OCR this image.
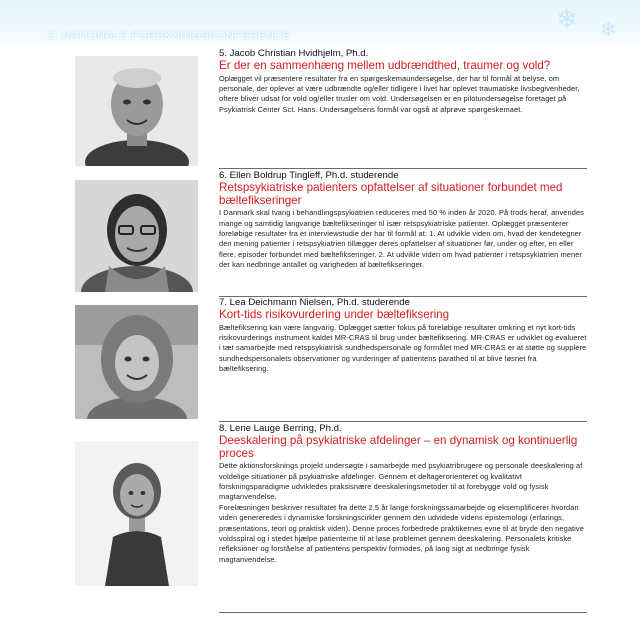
❄ ❄
2. NATIONALE FORSKNINGSKONFERENCE
5. Jacob Christian Hvidhjelm, Ph.d.
Er der en sammenhæng mellem udbrændthed, traumer og vold?
Oplægget vil præsentere resultater fra en spørgeskemaundersøgelse, der har til formål at belyse, om personale, der oplever at være udbrændte og/eller tidligere i livet har oplevet traumatiske livsbegivenheder, oftere bliver udsat for vold og/eller trusler om vold. Undersøgelsen er en pilotundersøgelse foretaget på Psykiatrisk Center Sct. Hans. Undersøgelsens formål var også at afprøve spørgeskemaet.
6. Ellen Boldrup Tingleff, Ph.d. studerende
Retspsykiatriske patienters opfattelser af situationer forbundet med bæltefikseringer
I Danmark skal tvang i behandlingspsykiatrien reduceres med 50 % inden år 2020. På trods heraf, anvendes mange og samtidig langvarige bæltefikseringer til især retspsykiatriske patienter. Oplægget præsenterer foreløbige resultater fra et interviewstudie der har til formål at: 1. At udvikle viden om, hvad der kendetegner den mening patienter i retspsykiatrien tillægger deres opfattelser af situationer før, under og efter, en eller flere, episoder forbundet med bæltefikseringer. 2. At udvikle viden om hvad patienter i retspsykiatrien mener der kan nedbringe antallet og varigheden af bæltefikseringer.
7. Lea Deichmann Nielsen, Ph.d. studerende
Kort-tids risikovurdering under bæltefiksering
Bæltefiksering kan være langvarig. Oplægget sætter fokus på foreløbige resultater omkring et nyt kort-tids risikovurderings instrument kaldet MR-CRAS til brug under bæltefiksering. MR-CRAS er udviklet og evalueret i tæt samarbejde med retspsykiatrisk sundhedspersonale og formålet med MR-CRAS er at støtte og supplere sundhedspersonalets observationer og vurderinger af patientens parathed til at blive løsnet fra bæltefiksering.
8. Lene Lauge Berring, Ph.d.
Deeskalering på psykiatriske afdelinger – en dynamisk og kontinuerlig proces

Dette aktionsforsknings projekt undersøgte i samarbejde med psykiatribrugere og personale deeskalering af voldelige situationer på psykiatriske afdelinger. Gennem et deltagerorienteret og kvalitativt forskningsparadigme udvikledes praksisnære deeskaleringsmetoder til at forebygge vold og fysisk magtanvendelse.

Forelæsningen beskriver resultatet fra dette 2,5 år lange forskningssamarbejde og eksemplificerer hvordan viden genereredes i dynamiske forskningscirkler gennem den udvidede videns epistemologi (erfarings, præsentations, teori og praktisk viden). Denne proces forbedrede praktikernes evne til at bryde den negative voldsspiral og i stedet hjælpe patienterne til at løse problemet gennem deeskalering. Personalets kritiske refleksioner og forståelse af patientens perspektiv formodes, på lang sigt at nedbringe fysisk magtanvendelse.
